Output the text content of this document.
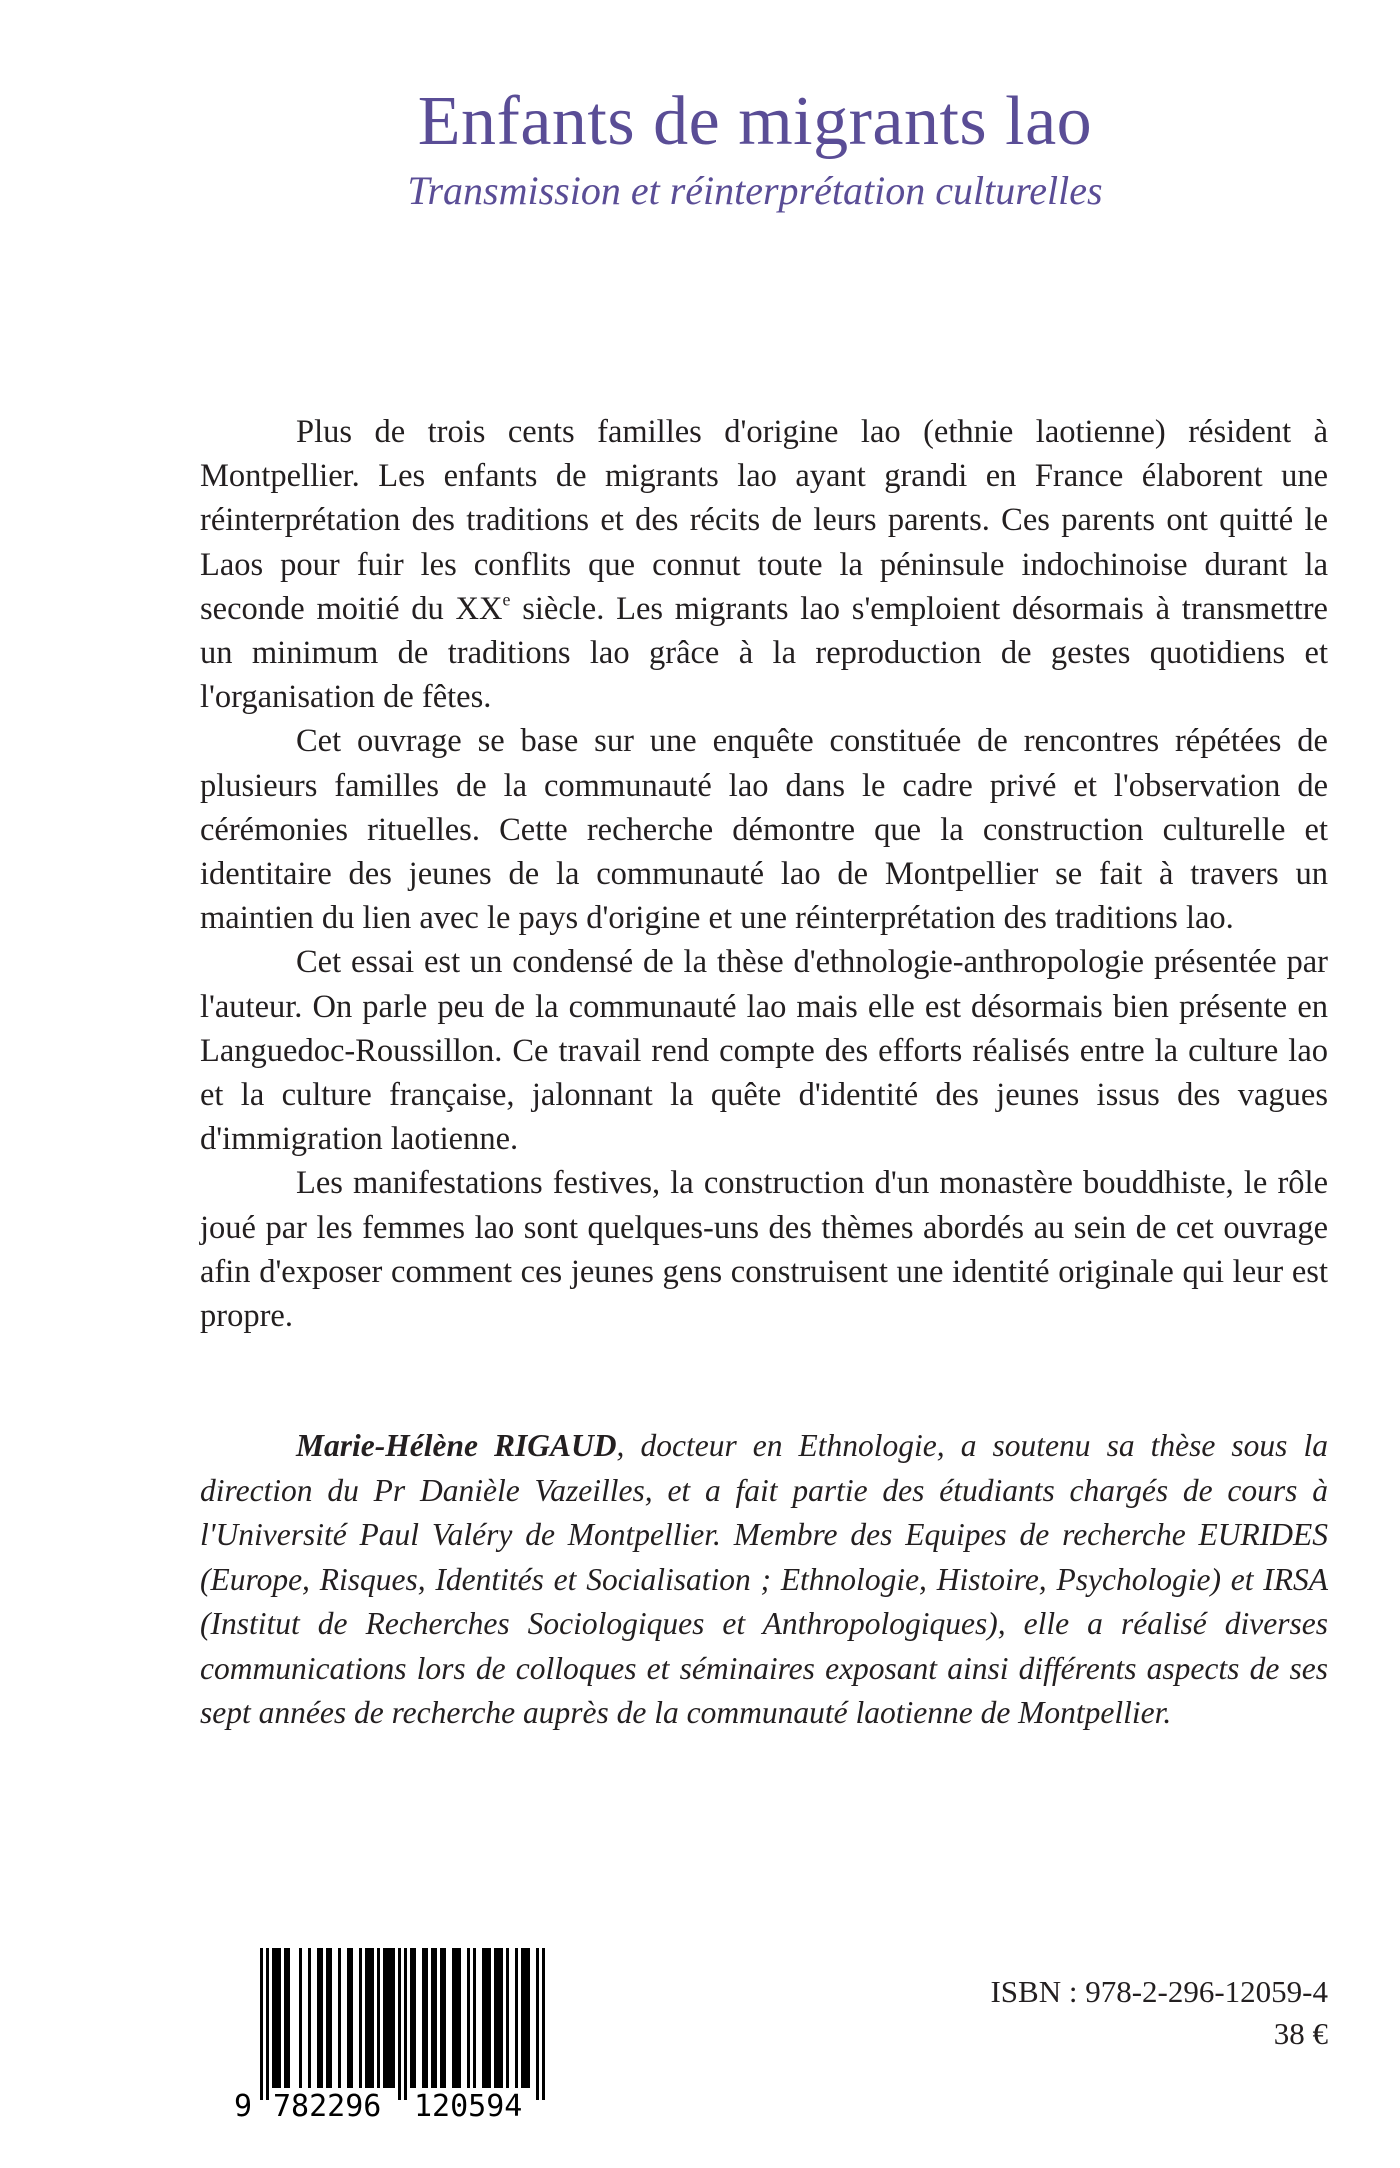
Enfants de migrants lao
Transmission et réinterprétation culturelles

Plus de trois cents familles d'origine lao (ethnie laotienne) résident à Montpellier. Les enfants de migrants lao ayant grandi en France élaborent une réinterprétation des traditions et des récits de leurs parents. Ces parents ont quitté le Laos pour fuir les conflits que connut toute la péninsule indochinoise durant la seconde moitié du XXe siècle. Les migrants lao s'emploient désormais à transmettre un minimum de traditions lao grâce à la reproduction de gestes quotidiens et l'organisation de fêtes.

Cet ouvrage se base sur une enquête constituée de rencontres répétées de plusieurs familles de la communauté lao dans le cadre privé et l'observation de cérémonies rituelles. Cette recherche démontre que la construction culturelle et identitaire des jeunes de la communauté lao de Montpellier se fait à travers un maintien du lien avec le pays d'origine et une réinterprétation des traditions lao.

Cet essai est un condensé de la thèse d'ethnologie-anthropologie présentée par l'auteur. On parle peu de la communauté lao mais elle est désormais bien présente en Languedoc-Roussillon. Ce travail rend compte des efforts réalisés entre la culture lao et la culture française, jalonnant la quête d'identité des jeunes issus des vagues d'immigration laotienne.

Les manifestations festives, la construction d'un monastère bouddhiste, le rôle joué par les femmes lao sont quelques-uns des thèmes abordés au sein de cet ouvrage afin d'exposer comment ces jeunes gens construisent une identité originale qui leur est propre.

Marie-Hélène RIGAUD, docteur en Ethnologie, a soutenu sa thèse sous la direction du Pr Danièle Vazeilles, et a fait partie des étudiants chargés de cours à l'Université Paul Valéry de Montpellier. Membre des Equipes de recherche EURIDES (Europe, Risques, Identités et Socialisation ; Ethnologie, Histoire, Psychologie) et IRSA (Institut de Recherches Sociologiques et Anthropologiques), elle a réalisé diverses communications lors de colloques et séminaires exposant ainsi différents aspects de ses sept années de recherche auprès de la communauté laotienne de Montpellier.

9 782296 120594
ISBN : 978-2-296-12059-4
38 €
